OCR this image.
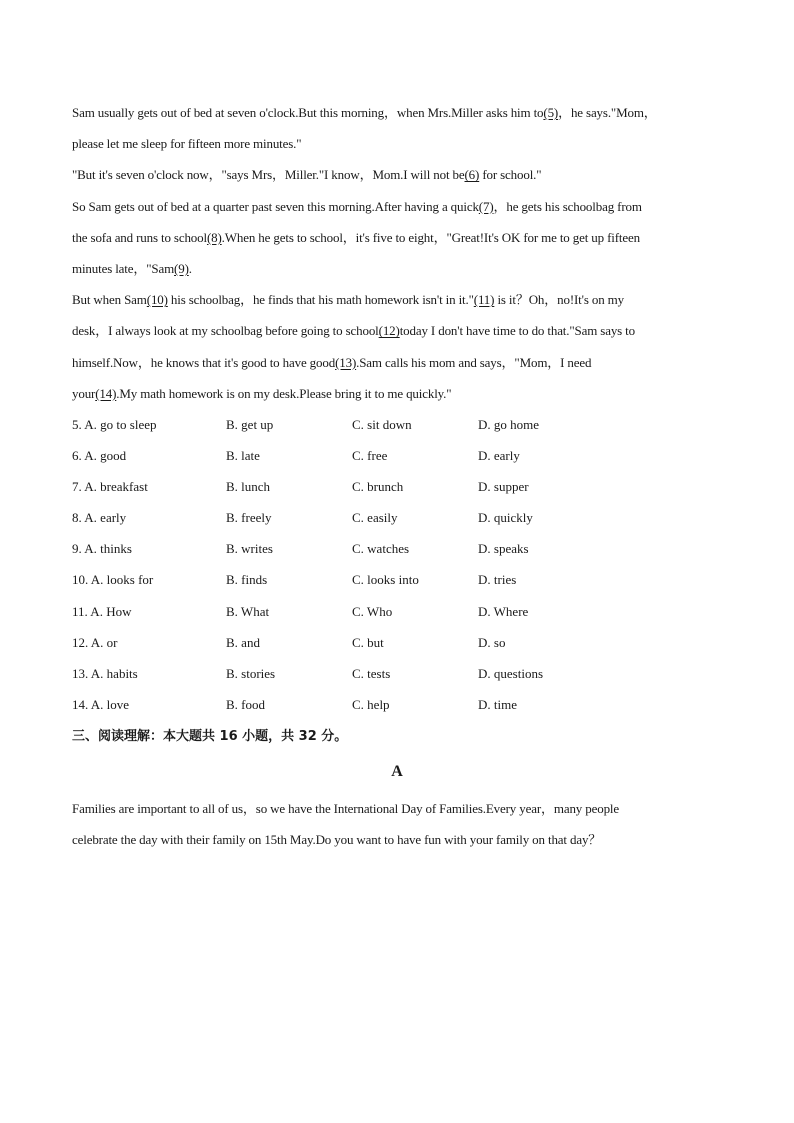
Sam usually gets out of bed at seven o'clock.But this morning，when Mrs.Miller asks him to(5)，he says."Mom，
please let me sleep for fifteen more minutes."
"But it's seven o'clock now，"says Mrs，Miller."I know，Mom.I will not be(6) for school."
So Sam gets out of bed at a quarter past seven this morning.After having a quick(7)，he gets his schoolbag from
the sofa and runs to school(8).When he gets to school，it's five to eight，"Great!It's OK for me to get up fifteen
minutes late，"Sam(9).
But when Sam(10) his schoolbag，he finds that his math homework isn't in it."(11) is it？Oh，no!It's on my
desk，I always look at my schoolbag before going to school(12)today I don't have time to do that."Sam says to
himself.Now，he knows that it's good to have good(13).Sam calls his mom and says，"Mom，I need
your(14).My math homework is on my desk.Please bring it to me quickly."
5. A. go to sleep	B. get up	C. sit down	D. go home
6. A. good	B. late	C. free	D. early
7. A. breakfast	B. lunch	C. brunch	D. supper
8. A. early	B. freely	C. easily	D. quickly
9. A. thinks	B. writes	C. watches	D. speaks
10. A. looks for	B. finds	C. looks into	D. tries
11. A. How	B. What	C. Who	D. Where
12. A. or	B. and	C. but	D. so
13. A. habits	B. stories	C. tests	D. questions
14. A. love	B. food	C. help	D. time
三、阅读理解：本大题共 16 小题，共 32 分。
A
Families are important to all of us，so we have the International Day of Families.Every year，many people
celebrate the day with their family on 15th May.Do you want to have fun with your family on that day？
